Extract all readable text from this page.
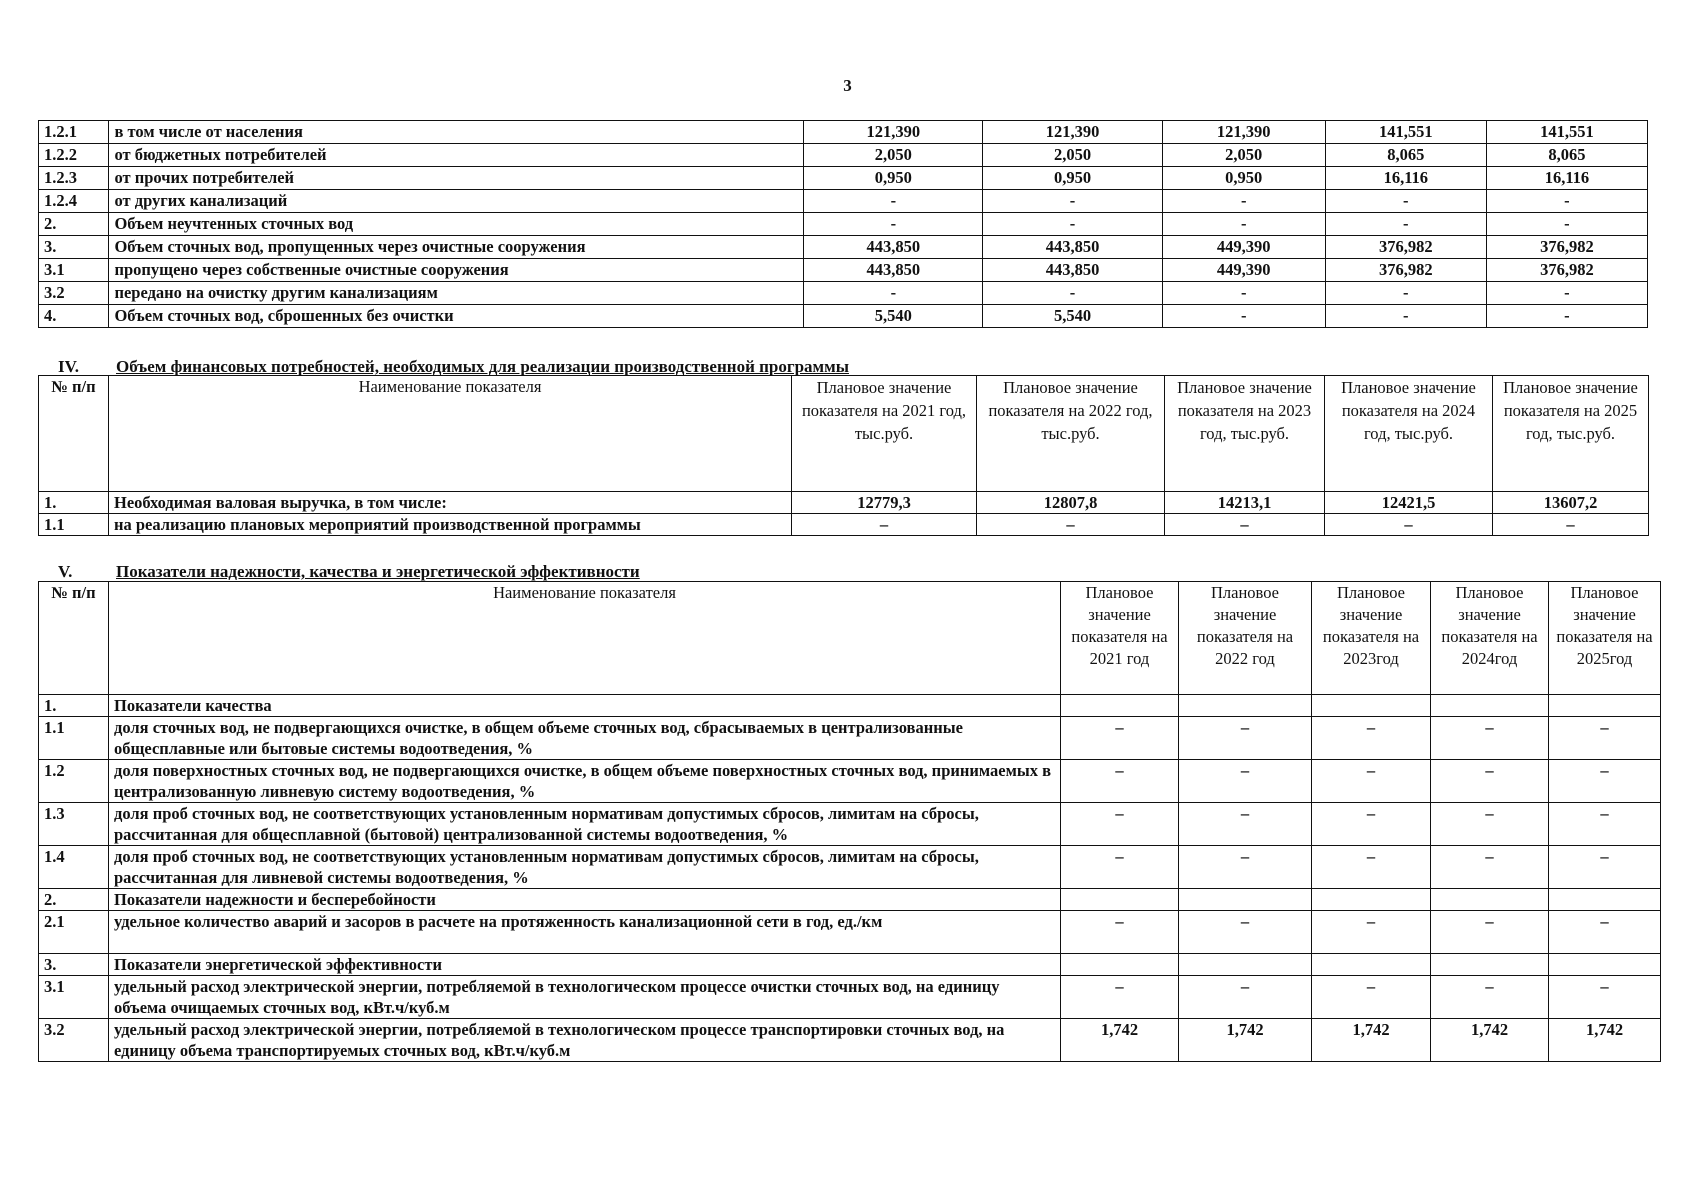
3
1.2.1	в том числе от населения	121,390	121,390	121,390	141,551	141,551
1.2.2	от бюджетных потребителей	2,050	2,050	2,050	8,065	8,065
1.2.3	от прочих потребителей	0,950	0,950	0,950	16,116	16,116
1.2.4	от других канализаций	-	-	-	-	-
2.	Объем неучтенных сточных вод	-	-	-	-	-
3.	Объем сточных вод, пропущенных через очистные сооружения	443,850	443,850	449,390	376,982	376,982
3.1	пропущено через собственные очистные сооружения	443,850	443,850	449,390	376,982	376,982
3.2	передано на очистку другим канализациям	-	-	-	-	-
4.	Объем сточных вод, сброшенных без очистки	5,540	5,540	-	-	-
IV. Объем финансовых потребностей, необходимых для реализации производственной программы
№ п/п	Наименование показателя	Плановое значение показателя на 2021 год, тыс.руб.	Плановое значение показателя на 2022 год, тыс.руб.	Плановое значение показателя на 2023 год, тыс.руб.	Плановое значение показателя на 2024 год, тыс.руб.	Плановое значение показателя на 2025 год, тыс.руб.
1.	Необходимая валовая выручка, в том числе:	12779,3	12807,8	14213,1	12421,5	13607,2
1.1	на реализацию плановых мероприятий производственной программы	–	–	–	–	–
V.	Показатели надежности, качества и энергетической эффективности
№ п/п	Наименование показателя	Плановое значение показателя на 2021 год	Плановое значение показателя на 2022 год	Плановое значение показателя на 2023год	Плановое значение показателя на 2024год	Плановое значение показателя на 2025год
1.	Показатели качества					
1.1	доля сточных вод, не подвергающихся очистке, в общем объеме сточных вод, сбрасываемых в централизованные общесплавные или бытовые системы водоотведения, %	–	–	–	–	–
1.2	доля поверхностных сточных вод, не подвергающихся очистке, в общем объеме поверхностных сточных вод, принимаемых в централизованную ливневую систему водоотведения, %	–	–	–	–	–
1.3	доля проб сточных вод, не соответствующих установленным нормативам допустимых сбросов, лимитам на сбросы, рассчитанная для общесплавной (бытовой) централизованной системы водоотведения, %	–	–	–	–	–
1.4	доля проб сточных вод, не соответствующих установленным нормативам допустимых сбросов, лимитам на сбросы, рассчитанная для ливневой системы водоотведения, %	–	–	–	–	–
2.	Показатели надежности и бесперебойности					
2.1	удельное количество аварий и засоров в расчете на протяженность канализационной сети в год, ед./км	–	–	–	–	–
3.	Показатели энергетической эффективности					
3.1	удельный расход электрической энергии, потребляемой в технологическом процессе очистки сточных вод, на единицу объема очищаемых сточных вод, кВт.ч/куб.м	–	–	–	–	–
3.2	удельный расход электрической энергии, потребляемой в технологическом процессе транспортировки сточных вод, на единицу объема транспортируемых сточных вод, кВт.ч/куб.м	1,742	1,742	1,742	1,742	1,742
